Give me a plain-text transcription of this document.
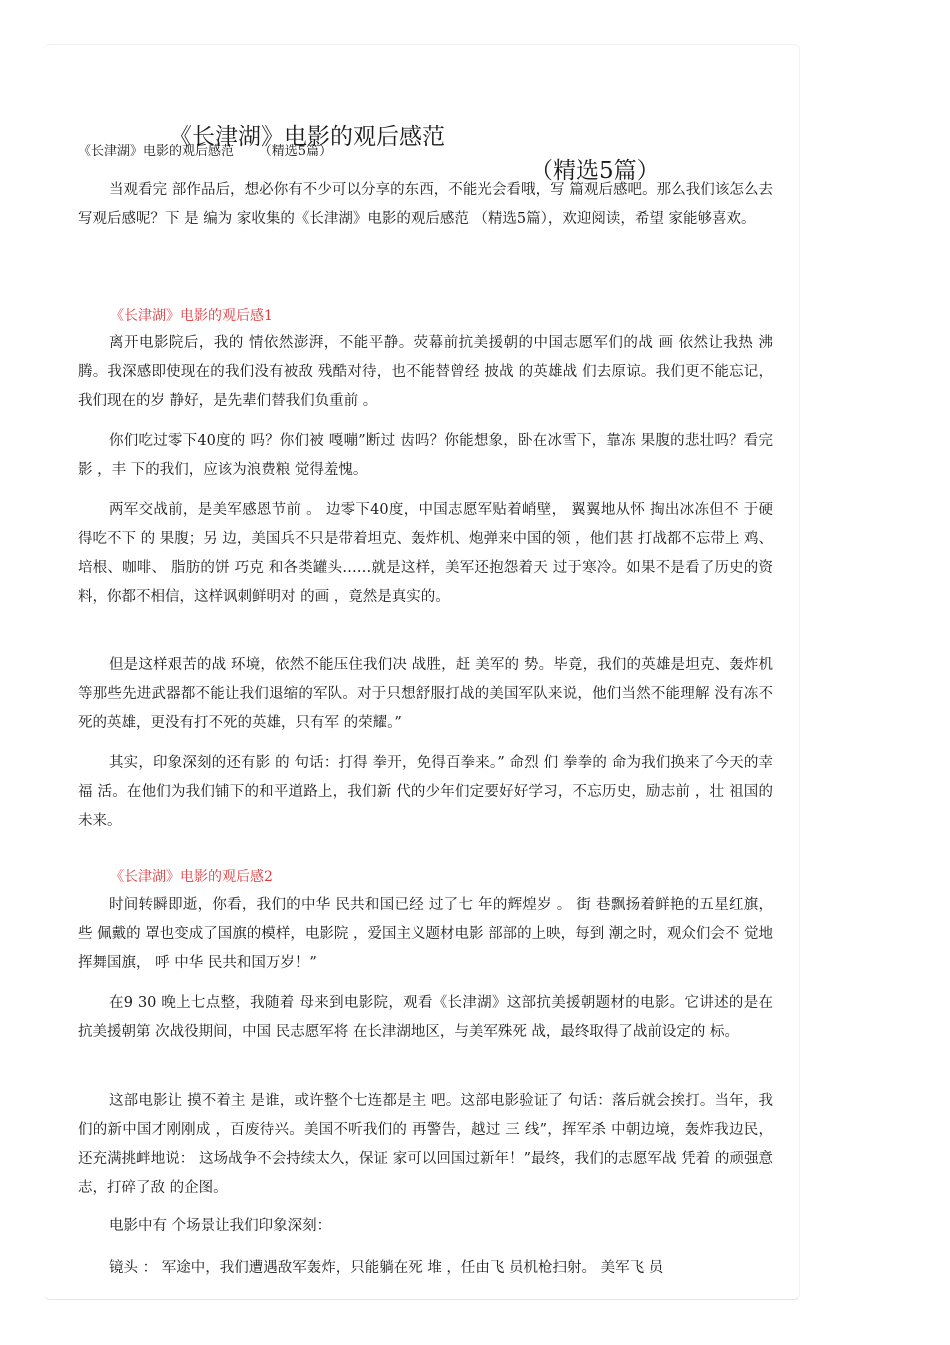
《长津湖》电影的观后感范

（精选5篇）

《长津湖》电影的观后感范      （精选5篇）

当观看完 部作品后，想必你有不少可以分享的东西，不能光会看哦，写 篇观后感吧。那么我们该怎么去写观后感呢？下 是 编为 家收集的《长津湖》电影的观后感范 （精选5篇），欢迎阅读，希望 家能够喜欢。

《长津湖》电影的观后感1

离开电影院后，我的 情依然澎湃，不能平静。荧幕前抗美援朝的中国志愿军们的战 画 依然让我热 沸腾。我深感即使现在的我们没有被敌 残酷对待，也不能替曾经 披战 的英雄战 们去原谅。我们更不能忘记，我们现在的岁 静好，是先辈们替我们负重前 。

你们吃过零下40度的 吗？你们被 嘎嘣”断过 齿吗？你能想象，卧在冰雪下，靠冻 果腹的悲壮吗？看完影 ，丰 下的我们，应该为浪费粮 觉得羞愧。

两军交战前，是美军感恩节前 。 边零下40度，中国志愿军贴着峭壁， 翼翼地从怀 掏出冰冻但不 于硬得吃不下 的 果腹；另 边，美国兵不只是带着坦克、轰炸机、炮弹来中国的领 ，他们甚 打战都不忘带上 鸡、培根、咖啡、 脂肪的饼 巧克 和各类罐头……就是这样，美军还抱怨着天 过于寒冷。如果不是看了历史的资料，你都不相信，这样讽刺鲜明对 的画 ，竟然是真实的。

但是这样艰苦的战 环境，依然不能压住我们决 战胜，赶 美军的 势。毕竟，我们的英雄是坦克、轰炸机等那些先进武器都不能让我们退缩的军队。对于只想舒服打战的美国军队来说，他们当然不能理解 没有冻不死的英雄，更没有打不死的英雄，只有军 的荣耀。”

其实，印象深刻的还有影 的 句话：打得 拳开，免得百拳来。” 命烈 们 拳拳的 命为我们换来了今天的幸福 活。在他们为我们铺下的和平道路上，我们新 代的少年们定要好好学习，不忘历史，励志前 ，壮 祖国的未来。

《长津湖》电影的观后感2

时间转瞬即逝，你看，我们的中华 民共和国已经 过了七 年的辉煌岁 。 街 巷飘扬着鲜艳的五星红旗， 些 佩戴的 罩也变成了国旗的模样，电影院 ，爱国主义题材电影 部部的上映，每到 潮之时，观众们会不 觉地挥舞国旗， 呼 中华 民共和国万岁！”

在9 30 晚上七点整，我随着 母来到电影院，观看《长津湖》这部抗美援朝题材的电影。它讲述的是在抗美援朝第 次战役期间，中国 民志愿军将 在长津湖地区，与美军殊死 战，最终取得了战前设定的 标。

这部电影让 摸不着主 是谁，或许整个七连都是主 吧。这部电影验证了 句话：落后就会挨打。当年，我们的新中国才刚刚成 ，百废待兴。美国不听我们的 再警告，越过 三 线”，挥军杀 中朝边境，轰炸我边民，还充满挑衅地说： 这场战争不会持续太久，保证 家可以回国过新年！”最终，我们的志愿军战 凭着 的顽强意志，打碎了敌 的企图。

电影中有 个场景让我们印象深刻：

镜头 ： 军途中，我们遭遇敌军轰炸，只能躺在死 堆 ，任由飞 员机枪扫射。 美军飞 员
